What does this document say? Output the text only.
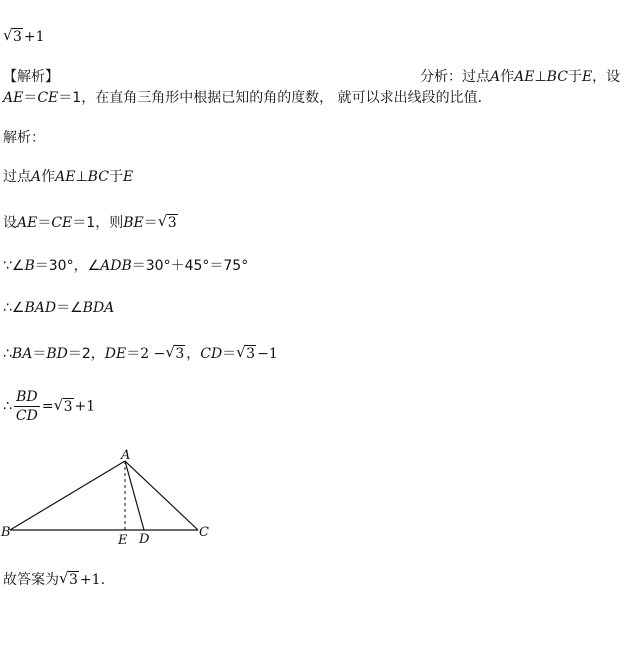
√ 3 +1
【解析】	分析：过点A作AE⊥BC于E，设
AE＝CE＝1，在直角三角形中根据已知的角的度数， 就可以求出线段的比值.
解析：
过点A作AE⊥BC于E
设AE＝CE＝1，则BE＝ √ 3
∵∠B＝30°，∠ADB＝30°＋45°＝75°
∴∠BAD＝∠BDA
∴BA＝BD＝2，DE＝2 − √ 3 ，CD＝ √ 3 −1
∴ $\frac{BD}{CD}$ = √ 3 +1
A
B	C
E D
故答案为 √ 3 +1.
